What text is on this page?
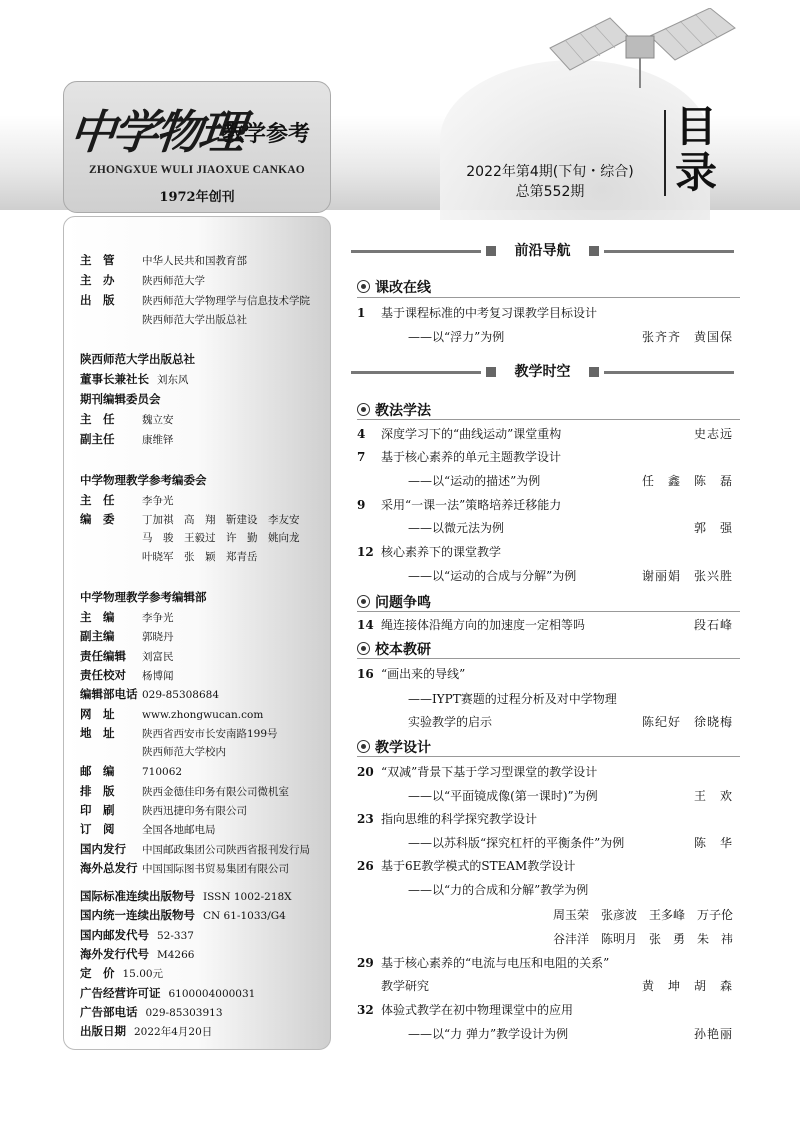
中学物理
教学参考
ZHONGXUE WULI JIAOXUE CANKAO
1972年创刊
2022年第4期(下旬・综合)
总第552期
目录
主　管	中华人民共和国教育部
主　办	陕西师范大学
出　版	陕西师范大学物理学与信息技术学院
陕西师范大学出版总社
陕西师范大学出版总社
董事长兼社长 刘东风
期刊编辑委员会
主　任	魏立安
副主任	康维铎
中学物理教学参考编委会
主　任	李争光
编　委	丁加祺　高　翔　靳建设　李友安
马　骏　王毅过　许　勤　姚向龙
叶晓军　张　颖　郑青岳
中学物理教学参考编辑部
主　编	李争光
副主编	郭晓丹
责任编辑 刘富民
责任校对 杨博闻
编辑部电话 029-85308684
网　址	www.zhongwucan.com
地　址	陕西省西安市长安南路199号
陕西师范大学校内
邮　编	710062
排　版	陕西金德佳印务有限公司微机室
印　刷	陕西迅捷印务有限公司
订　阅	全国各地邮电局
国内发行 中国邮政集团公司陕西省报刊发行局
海外总发行 中国国际图书贸易集团有限公司
国际标准连续出版物号 ISSN 1002-218X
国内统一连续出版物号 CN 61-1033/G4
国内邮发代号 52-337
海外发行代号 M4266
定　价 15.00元
广告经营许可证 6100004000031
广告部电话 029-85303913
出版日期 2022年4月20日
前沿导航
课改在线
1 基于课程标准的中考复习课教学目标设计
——以“浮力”为例	张齐齐　黄国保
教学时空
教法学法
4 深度学习下的“曲线运动”课堂重构	史志远
7 基于核心素养的单元主题教学设计
——以“运动的描述”为例	任　鑫　陈　磊
9 采用“一课一法”策略培养迁移能力
——以微元法为例	郭　强
12 核心素养下的课堂教学
——以“运动的合成与分解”为例	谢丽娟　张兴胜
问题争鸣
14 绳连接体沿绳方向的加速度一定相等吗	段石峰
校本教研
16 “画出来的导线”
——IYPT赛题的过程分析及对中学物理
实验教学的启示	陈纪好　徐晓梅
教学设计
20 “双减”背景下基于学习型课堂的教学设计
——以“平面镜成像(第一课时)”为例	王　欢
23 指向思维的科学探究教学设计
——以苏科版“探究杠杆的平衡条件”为例	陈　华
26 基于6E教学模式的STEAM教学设计
——以“力的合成和分解”教学为例
周玉荣　张彦波　王多峰　万子伦
谷沣洋　陈明月　张　勇　朱　祎
29 基于核心素养的“电流与电压和电阻的关系”
教学研究	黄　坤　胡　森
32 体验式教学在初中物理课堂中的应用
——以“力 弹力”教学设计为例	孙艳丽
